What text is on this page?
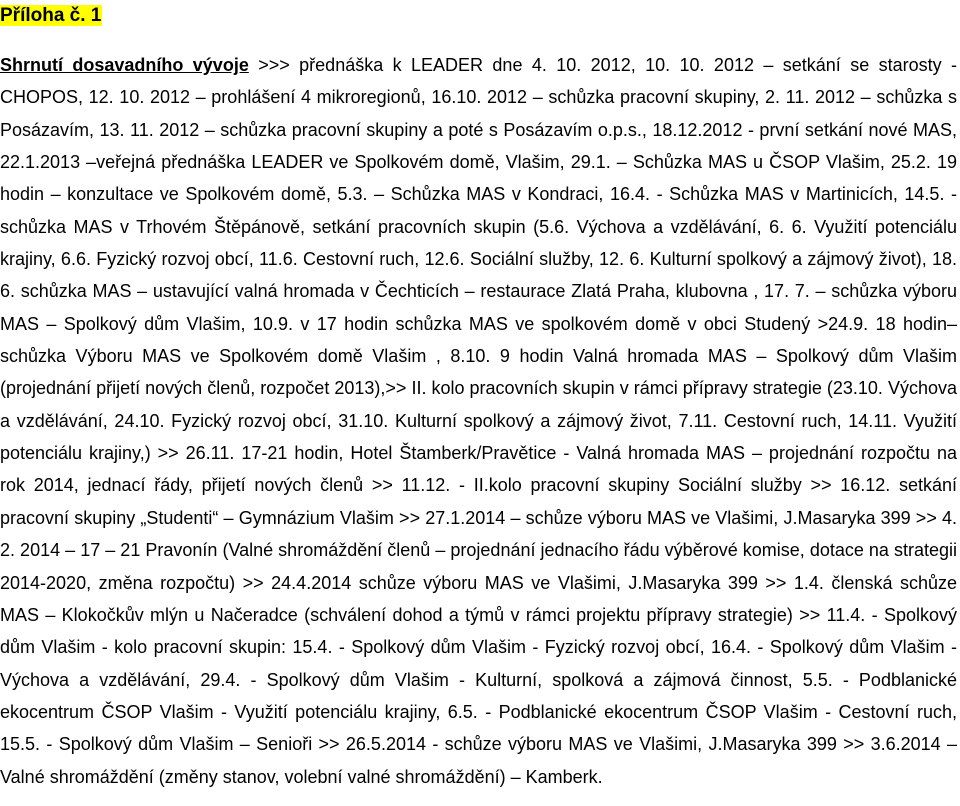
Příloha č. 1

Shrnutí dosavadního vývoje >>> přednáška k LEADER dne 4. 10. 2012, 10. 10. 2012 – setkání se starosty - CHOPOS, 12. 10. 2012 – prohlášení 4 mikroregionů, 16.10. 2012 – schůzka pracovní skupiny, 2. 11. 2012 – schůzka s Posázavím, 13. 11. 2012 – schůzka pracovní skupiny a poté s Posázavím o.p.s., 18.12.2012 - první setkání nové MAS, 22.1.2013 –veřejná přednáška LEADER ve Spolkovém domě, Vlašim, 29.1. – Schůzka MAS u ČSOP Vlašim, 25.2. 19 hodin – konzultace ve Spolkovém domě, 5.3. – Schůzka MAS v Kondraci, 16.4. - Schůzka MAS v Martinicích, 14.5. - schůzka MAS v Trhovém Štěpánově, setkání pracovních skupin (5.6. Výchova a vzdělávání, 6. 6. Využití potenciálu krajiny, 6.6. Fyzický rozvoj obcí, 11.6. Cestovní ruch, 12.6. Sociální služby, 12. 6. Kulturní spolkový a zájmový život), 18. 6. schůzka MAS – ustavující valná hromada v Čechticích – restaurace Zlatá Praha, klubovna , 17. 7. – schůzka výboru MAS – Spolkový dům Vlašim, 10.9. v 17 hodin schůzka MAS ve spolkovém domě v obci Studený >24.9. 18 hodin– schůzka Výboru MAS ve Spolkovém domě Vlašim , 8.10. 9 hodin Valná hromada MAS – Spolkový dům Vlašim (projednání přijetí nových členů, rozpočet 2013),>> II. kolo pracovních skupin v rámci přípravy strategie (23.10. Výchova a vzdělávání, 24.10. Fyzický rozvoj obcí, 31.10. Kulturní spolkový a zájmový život, 7.11. Cestovní ruch, 14.11. Využití potenciálu krajiny,) >> 26.11. 17-21 hodin, Hotel Štamberk/Pravětice - Valná hromada MAS – projednání rozpočtu na rok 2014, jednací řády, přijetí nových členů >> 11.12. - II.kolo pracovní skupiny Sociální služby >> 16.12. setkání pracovní skupiny „Studenti“ – Gymnázium Vlašim >> 27.1.2014 – schůze výboru MAS ve Vlašimi, J.Masaryka 399 >> 4. 2. 2014 – 17 – 21 Pravonín (Valné shromáždění členů – projednání jednacího řádu výběrové komise, dotace na strategii 2014-2020, změna rozpočtu) >> 24.4.2014 schůze výboru MAS ve Vlašimi, J.Masaryka 399 >> 1.4. členská schůze MAS – Klokočkův mlýn u Načeradce (schválení dohod a týmů v rámci projektu přípravy strategie) >> 11.4. - Spolkový dům Vlašim - kolo pracovní skupin: 15.4. - Spolkový dům Vlašim - Fyzický rozvoj obcí, 16.4. - Spolkový dům Vlašim - Výchova a vzdělávání, 29.4. - Spolkový dům Vlašim - Kulturní, spolková a zájmová činnost, 5.5. - Podblanické ekocentrum ČSOP Vlašim - Využití potenciálu krajiny, 6.5. - Podblanické ekocentrum ČSOP Vlašim - Cestovní ruch, 15.5. - Spolkový dům Vlašim – Senioři >> 26.5.2014 - schůze výboru MAS ve Vlašimi, J.Masaryka 399 >> 3.6.2014 – Valné shromáždění (změny stanov, volební valné shromáždění) – Kamberk.
